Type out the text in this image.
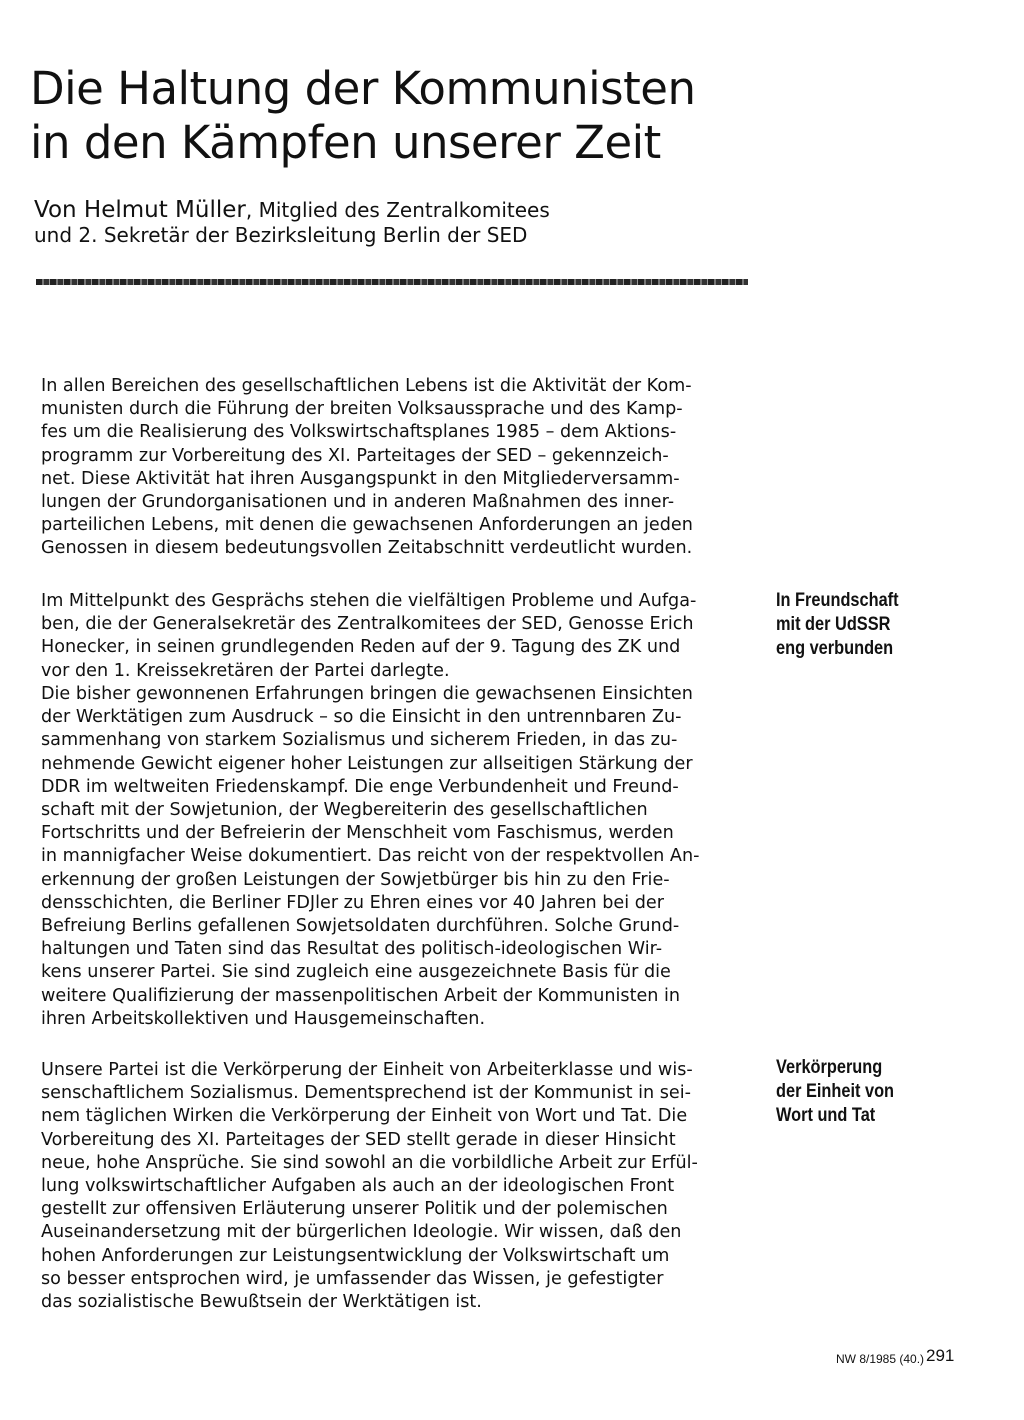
Die Haltung der Kommunisten
in den Kämpfen unserer Zeit
Von Helmut Müller, Mitglied des Zentralkomitees
und 2. Sekretär der Bezirksleitung Berlin der SED
In allen Bereichen des gesellschaftlichen Lebens ist die Aktivität der Kom-
munisten durch die Führung der breiten Volksaussprache und des Kamp-
fes um die Realisierung des Volkswirtschaftsplanes 1985 – dem Aktions-
programm zur Vorbereitung des XI. Parteitages der SED – gekennzeich-
net. Diese Aktivität hat ihren Ausgangspunkt in den Mitgliederversamm-
lungen der Grundorganisationen und in anderen Maßnahmen des inner-
parteilichen Lebens, mit denen die gewachsenen Anforderungen an jeden
Genossen in diesem bedeutungsvollen Zeitabschnitt verdeutlicht wurden.
Im Mittelpunkt des Gesprächs stehen die vielfältigen Probleme und Aufga-
ben, die der Generalsekretär des Zentralkomitees der SED, Genosse Erich
Honecker, in seinen grundlegenden Reden auf der 9. Tagung des ZK und
vor den 1. Kreissekretären der Partei darlegte.
Die bisher gewonnenen Erfahrungen bringen die gewachsenen Einsichten
der Werktätigen zum Ausdruck – so die Einsicht in den untrennbaren Zu-
sammenhang von starkem Sozialismus und sicherem Frieden, in das zu-
nehmende Gewicht eigener hoher Leistungen zur allseitigen Stärkung der
DDR im weltweiten Friedenskampf. Die enge Verbundenheit und Freund-
schaft mit der Sowjetunion, der Wegbereiterin des gesellschaftlichen
Fortschritts und der Befreierin der Menschheit vom Faschismus, werden
in mannigfacher Weise dokumentiert. Das reicht von der respektvollen An-
erkennung der großen Leistungen der Sowjetbürger bis hin zu den Frie-
densschichten, die Berliner FDJler zu Ehren eines vor 40 Jahren bei der
Befreiung Berlins gefallenen Sowjetsoldaten durchführen. Solche Grund-
haltungen und Taten sind das Resultat des politisch-ideologischen Wir-
kens unserer Partei. Sie sind zugleich eine ausgezeichnete Basis für die
weitere Qualifizierung der massenpolitischen Arbeit der Kommunisten in
ihren Arbeitskollektiven und Hausgemeinschaften.
Unsere Partei ist die Verkörperung der Einheit von Arbeiterklasse und wis-
senschaftlichem Sozialismus. Dementsprechend ist der Kommunist in sei-
nem täglichen Wirken die Verkörperung der Einheit von Wort und Tat. Die
Vorbereitung des XI. Parteitages der SED stellt gerade in dieser Hinsicht
neue, hohe Ansprüche. Sie sind sowohl an die vorbildliche Arbeit zur Erfül-
lung volkswirtschaftlicher Aufgaben als auch an der ideologischen Front
gestellt zur offensiven Erläuterung unserer Politik und der polemischen
Auseinandersetzung mit der bürgerlichen Ideologie. Wir wissen, daß den
hohen Anforderungen zur Leistungsentwicklung der Volkswirtschaft um
so besser entsprochen wird, je umfassender das Wissen, je gefestigter
das sozialistische Bewußtsein der Werktätigen ist.
In Freundschaft
mit der UdSSR
eng verbunden
Verkörperung
der Einheit von
Wort und Tat
NW 8/1985 (40.) 291
